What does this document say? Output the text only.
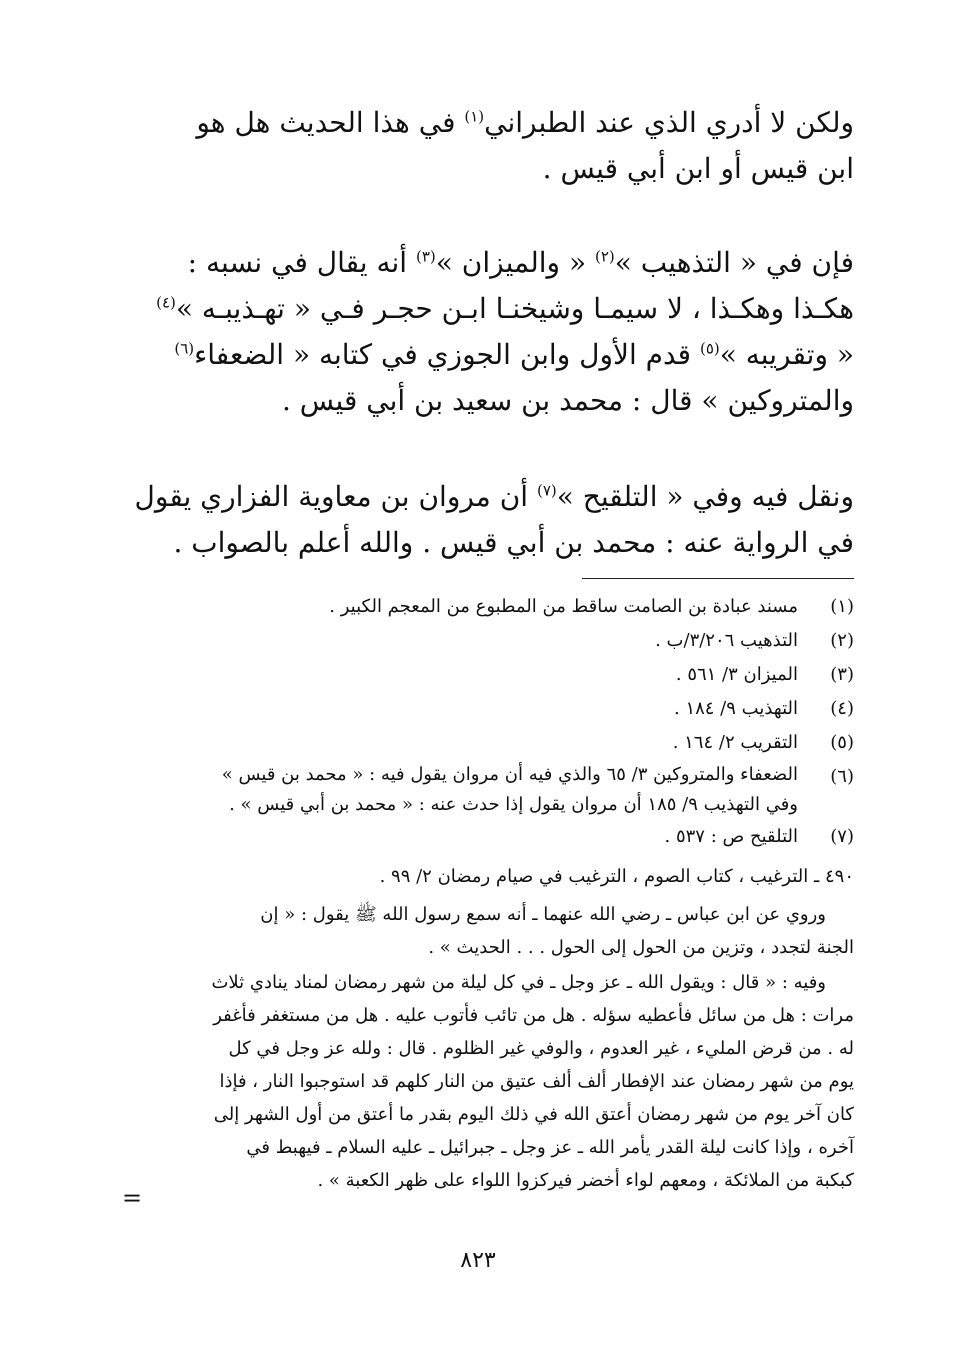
ولكن لا أدري الذي عند الطبراني$^{(١)}$ في هذا الحديث هل هو
ابن قيس أو ابن أبي قيس .
فإن في « التذهيب »$^{(٢)}$ « والميزان »$^{(٣)}$ أنه يقال في نسبه :
هكـذا وهكـذا ، لا سيمـا وشيخنـا ابـن حجـر فـي « تهـذيبـه »$^{(٤)}$
« وتقريبه »$^{(٥)}$ قدم الأول وابن الجوزي في كتابه « الضعفاء$^{(٦)}$
والمتروكين » قال : محمد بن سعيد بن أبي قيس .
ونقل فيه وفي « التلقيح »$^{(٧)}$ أن مروان بن معاوية الفزاري يقول
في الرواية عنه : محمد بن أبي قيس . والله أعلم بالصواب .
(١)
مسند عبادة بن الصامت ساقط من المطبوع من المعجم الكبير .
(٢)
التذهيب ٣/٢٠٦/ب .
(٣)
الميزان ٣/ ٥٦١ .
(٤)
التهذيب ٩/ ١٨٤ .
(٥)
التقريب ٢/ ١٦٤ .
(٦)
الضعفاء والمتروكين ٣/ ٦٥ والذي فيه أن مروان يقول فيه : « محمد بن قيس »
وفي التهذيب ٩/ ١٨٥ أن مروان يقول إذا حدث عنه : « محمد بن أبي قيس » .
(٧)
التلقيح ص : ٥٣٧ .
٤٩٠ ـ الترغيب ، كتاب الصوم ، الترغيب في صيام رمضان ٢/ ٩٩ .
وروي عن ابن عباس ـ رضي الله عنهما ـ أنه سمع رسول الله ﷺ يقول : « إن
الجنة لتجدد ، وتزين من الحول إلى الحول . . . الحديث » .
وفيه : « قال : ويقول الله ـ عز وجل ـ في كل ليلة من شهر رمضان لمناد ينادي ثلاث
مرات : هل من سائل فأعطيه سؤله . هل من تائب فأتوب عليه . هل من مستغفر فأغفر
له . من قرض المليء ، غير العدوم ، والوفي غير الظلوم . قال : ولله عز وجل في كل
يوم من شهر رمضان عند الإفطار ألف ألف عتيق من النار كلهم قد استوجبوا النار ، فإذا
كان آخر يوم من شهر رمضان أعتق الله في ذلك اليوم بقدر ما أعتق من أول الشهر إلى
آخره ، وإذا كانت ليلة القدر يأمر الله ـ عز وجل ـ جبرائيل ـ عليه السلام ـ فيهبط في
كبكبة من الملائكة ، ومعهم لواء أخضر فيركزوا اللواء على ظهر الكعبة » .
=
٨٢٣
